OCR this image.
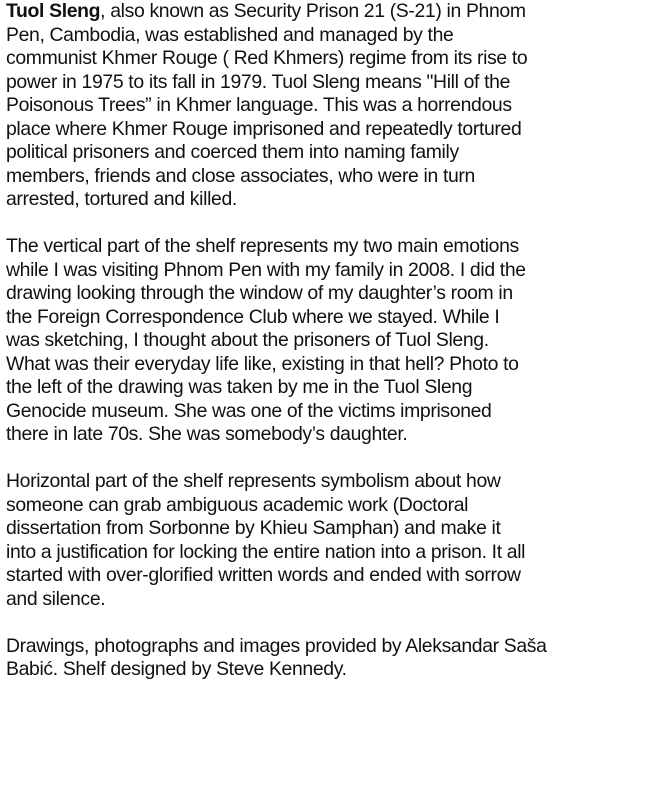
Tuol Sleng, also known as Security Prison 21 (S-21) in Phnom
Pen, Cambodia, was established and managed by the
communist Khmer Rouge ( Red Khmers) regime from its rise to
power in 1975 to its fall in 1979. Tuol Sleng means "Hill of the
Poisonous Trees” in Khmer language. This was a horrendous
place where Khmer Rouge imprisoned and repeatedly tortured
political prisoners and coerced them into naming family
members, friends and close associates, who were in turn
arrested, tortured and killed.

The vertical part of the shelf represents my two main emotions
while I was visiting Phnom Pen with my family in 2008. I did the
drawing looking through the window of my daughter’s room in
the Foreign Correspondence Club where we stayed. While I
was sketching, I thought about the prisoners of Tuol Sleng.
What was their everyday life like, existing in that hell? Photo to
the left of the drawing was taken by me in the Tuol Sleng
Genocide museum. She was one of the victims imprisoned
there in late 70s. She was somebody’s daughter.

Horizontal part of the shelf represents symbolism about how
someone can grab ambiguous academic work (Doctoral
dissertation from Sorbonne by Khieu Samphan) and make it
into a justification for locking the entire nation into a prison. It all
started with over-glorified written words and ended with sorrow
and silence.

Drawings, photographs and images provided by Aleksandar Saša
Babić. Shelf designed by Steve Kennedy.
